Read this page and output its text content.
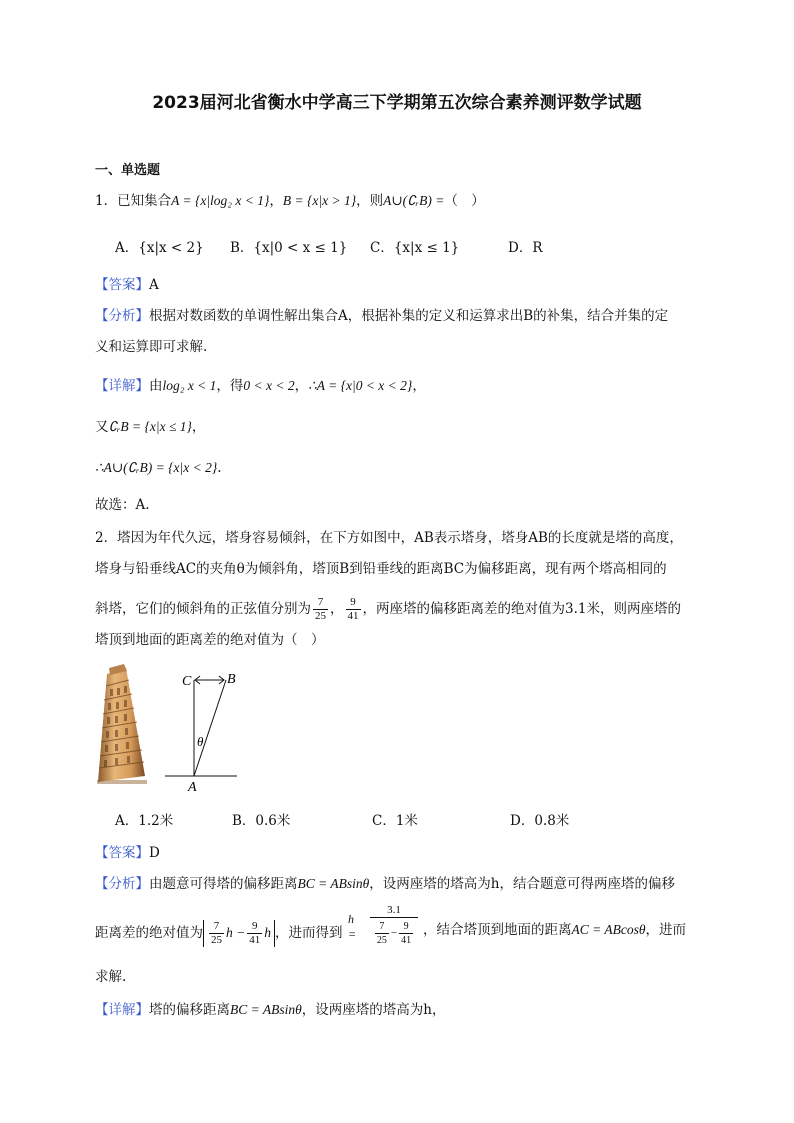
2023届河北省衡水中学高三下学期第五次综合素养测评数学试题
一、单选题
1．已知集合A = {x|log₂ x < 1}，B = {x|x > 1}，则A∪(∁ᵣB) =（　）
A．{x|x < 2} B．{x|0 < x ≤ 1} C．{x|x ≤ 1}	D．R
【答案】A
【分析】根据对数函数的单调性解出集合A，根据补集的定义和运算求出B的补集，结合并集的定
义和运算即可求解.
【详解】由log₂ x < 1，得0 < x < 2，∴A = {x|0 < x < 2}，
又∁ᵣB = {x|x ≤ 1}，
∴A∪(∁ᵣB) = {x|x < 2}.
故选：A.
2．塔因为年代久远，塔身容易倾斜，在下方如图中，AB表示塔身，塔身AB的长度就是塔的高度，
塔身与铅垂线AC的夹角θ为倾斜角，塔顶B到铅垂线的距离BC为偏移距离，现有两个塔高相同的
斜塔，它们的倾斜角的正弦值分别为 $\frac{7}{25}$ ， $\frac{9}{41}$ ，两座塔的偏移距离差的绝对值为3.1米，则两座塔的
塔顶到地面的距离差的绝对值为（　）
C	B
θ
A
A．1.2米	B．0.6米	C．1米	D．0.8米
【答案】D
【分析】由题意可得塔的偏移距离BC = ABsinθ，设两座塔的塔高为h，结合题意可得两座塔的偏移
距离差的绝对值为 $\frac{7}{25}$ $h - \frac{9}{41}$ h ，进而得到
$h = \frac{3.1}{\frac{7}{25} - \frac{9}{41}}$ ，结合塔顶到地面的距离AC = ABcosθ，进而
求解.
【详解】塔的偏移距离BC = ABsinθ，设两座塔的塔高为h，
